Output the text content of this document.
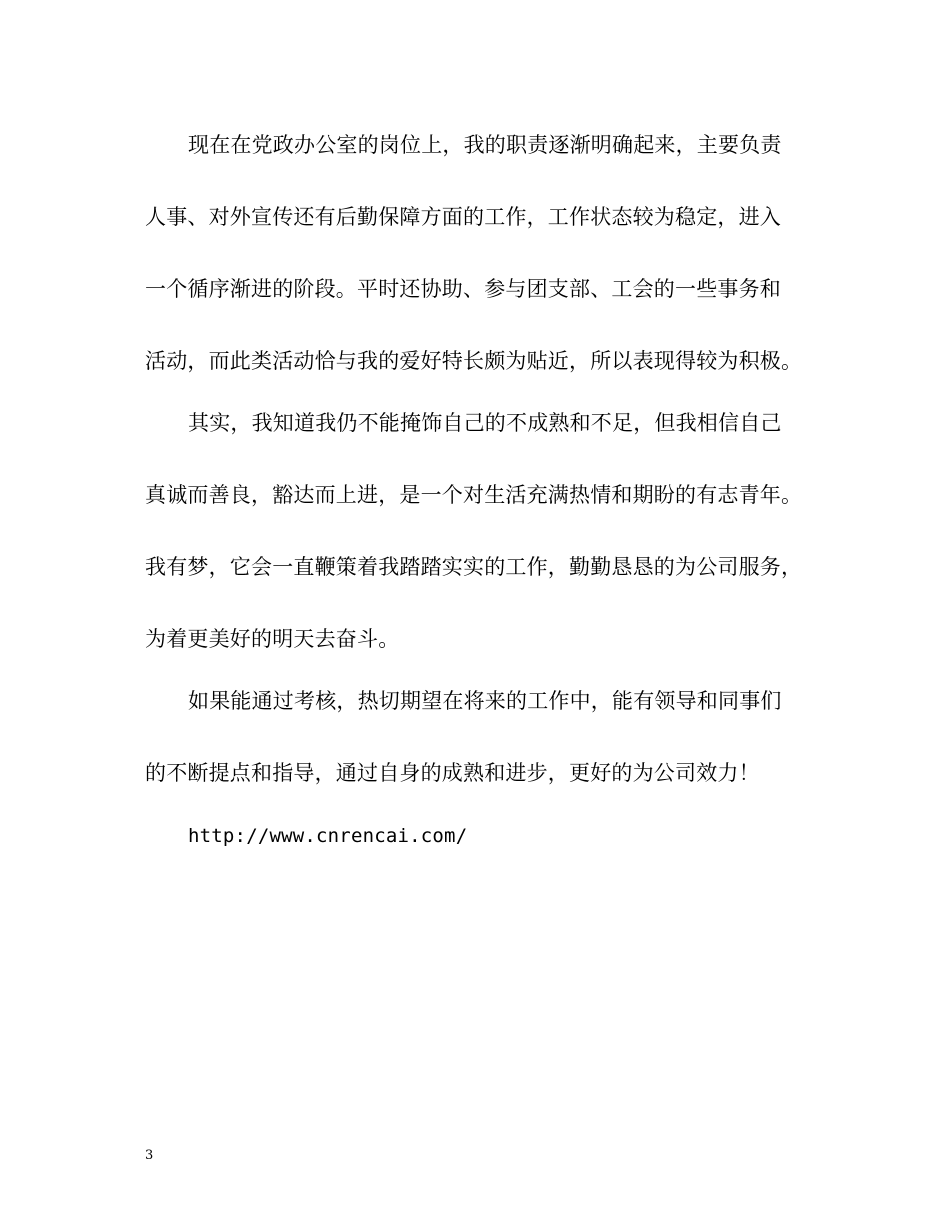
现在在党政办公室的岗位上，我的职责逐渐明确起来，主要负责
人事、对外宣传还有后勤保障方面的工作，工作状态较为稳定，进入
一个循序渐进的阶段。平时还协助、参与团支部、工会的一些事务和
活动，而此类活动恰与我的爱好特长颇为贴近，所以表现得较为积极。
其实，我知道我仍不能掩饰自己的不成熟和不足，但我相信自己
真诚而善良，豁达而上进，是一个对生活充满热情和期盼的有志青年。
我有梦，它会一直鞭策着我踏踏实实的工作，勤勤恳恳的为公司服务，
为着更美好的明天去奋斗。
如果能通过考核，热切期望在将来的工作中，能有领导和同事们
的不断提点和指导，通过自身的成熟和进步，更好的为公司效力！
http://www.cnrencai.com/
3
